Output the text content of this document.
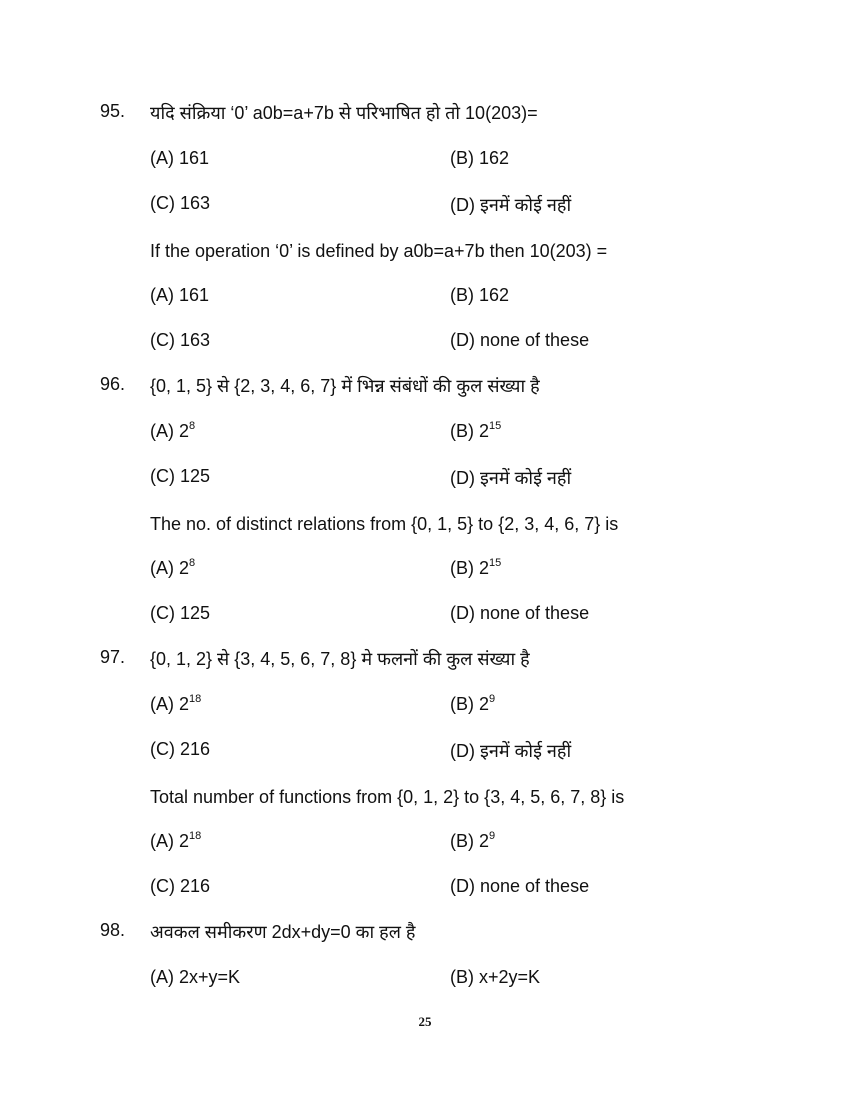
95. यदि संक्रिया ‘0’ a0b=a+7b से परिभाषित हो तो 10(203)=
(A) 161	(B) 162
(C) 163	(D) इनमें कोई नहीं
If the operation ‘0’ is defined by a0b=a+7b then 10(203) =
(A) 161	(B) 162
(C) 163	(D) none of these
96. {0, 1, 5} से {2, 3, 4, 6, 7} में भिन्न संबंधों की कुल संख्या है
(A) $2^8$	(B) $2^{15}$
(C) 125	(D) इनमें कोई नहीं
The no. of distinct relations from {0, 1, 5} to {2, 3, 4, 6, 7} is
(A) $2^8$	(B) $2^{15}$
(C) 125	(D) none of these
97. {0, 1, 2} से {3, 4, 5, 6, 7, 8} मे फलनों की कुल संख्या है
(A) $2^{18}$	(B) $2^9$
(C) 216	(D) इनमें कोई नहीं
Total number of functions from {0, 1, 2} to {3, 4, 5, 6, 7, 8} is
(A) $2^{18}$	(B) $2^9$
(C) 216	(D) none of these
98. अवकल समीकरण 2dx+dy=0 का हल है
(A) 2x+y=K	(B) x+2y=K
25
